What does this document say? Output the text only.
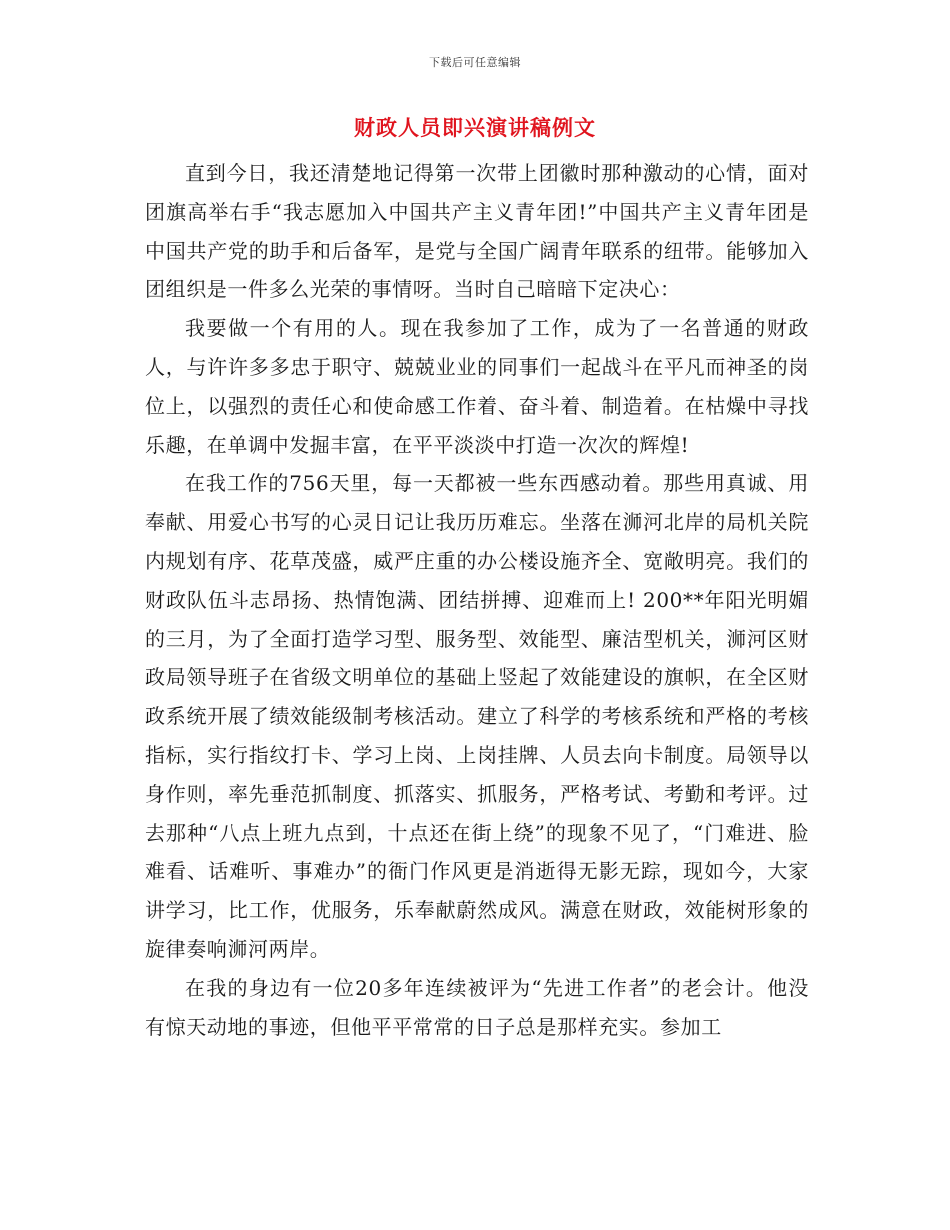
下载后可任意编辑
财政人员即兴演讲稿例文

直到今日，我还清楚地记得第一次带上团徽时那种激动的心情，面对团旗高举右手“我志愿加入中国共产主义青年团!”中国共产主义青年团是中国共产党的助手和后备军，是党与全国广阔青年联系的纽带。能够加入团组织是一件多么光荣的事情呀。当时自己暗暗下定决心：

我要做一个有用的人。现在我参加了工作，成为了一名普通的财政人，与许许多多忠于职守、兢兢业业的同事们一起战斗在平凡而神圣的岗位上，以强烈的责任心和使命感工作着、奋斗着、制造着。在枯燥中寻找乐趣，在单调中发掘丰富，在平平淡淡中打造一次次的辉煌!

在我工作的756天里，每一天都被一些东西感动着。那些用真诚、用奉献、用爱心书写的心灵日记让我历历难忘。坐落在浉河北岸的局机关院内规划有序、花草茂盛，威严庄重的办公楼设施齐全、宽敞明亮。我们的财政队伍斗志昂扬、热情饱满、团结拼搏、迎难而上! 200**年阳光明媚的三月，为了全面打造学习型、服务型、效能型、廉洁型机关，浉河区财政局领导班子在省级文明单位的基础上竖起了效能建设的旗帜，在全区财政系统开展了绩效能级制考核活动。建立了科学的考核系统和严格的考核指标，实行指纹打卡、学习上岗、上岗挂牌、人员去向卡制度。局领导以身作则，率先垂范抓制度、抓落实、抓服务，严格考试、考勤和考评。过去那种“八点上班九点到，十点还在街上绕”的现象不见了，“门难进、脸难看、话难听、事难办”的衙门作风更是消逝得无影无踪，现如今，大家讲学习，比工作，优服务，乐奉献蔚然成风。满意在财政，效能树形象的旋律奏响浉河两岸。

在我的身边有一位20多年连续被评为“先进工作者”的老会计。他没有惊天动地的事迹，但他平平常常的日子总是那样充实。参加工
